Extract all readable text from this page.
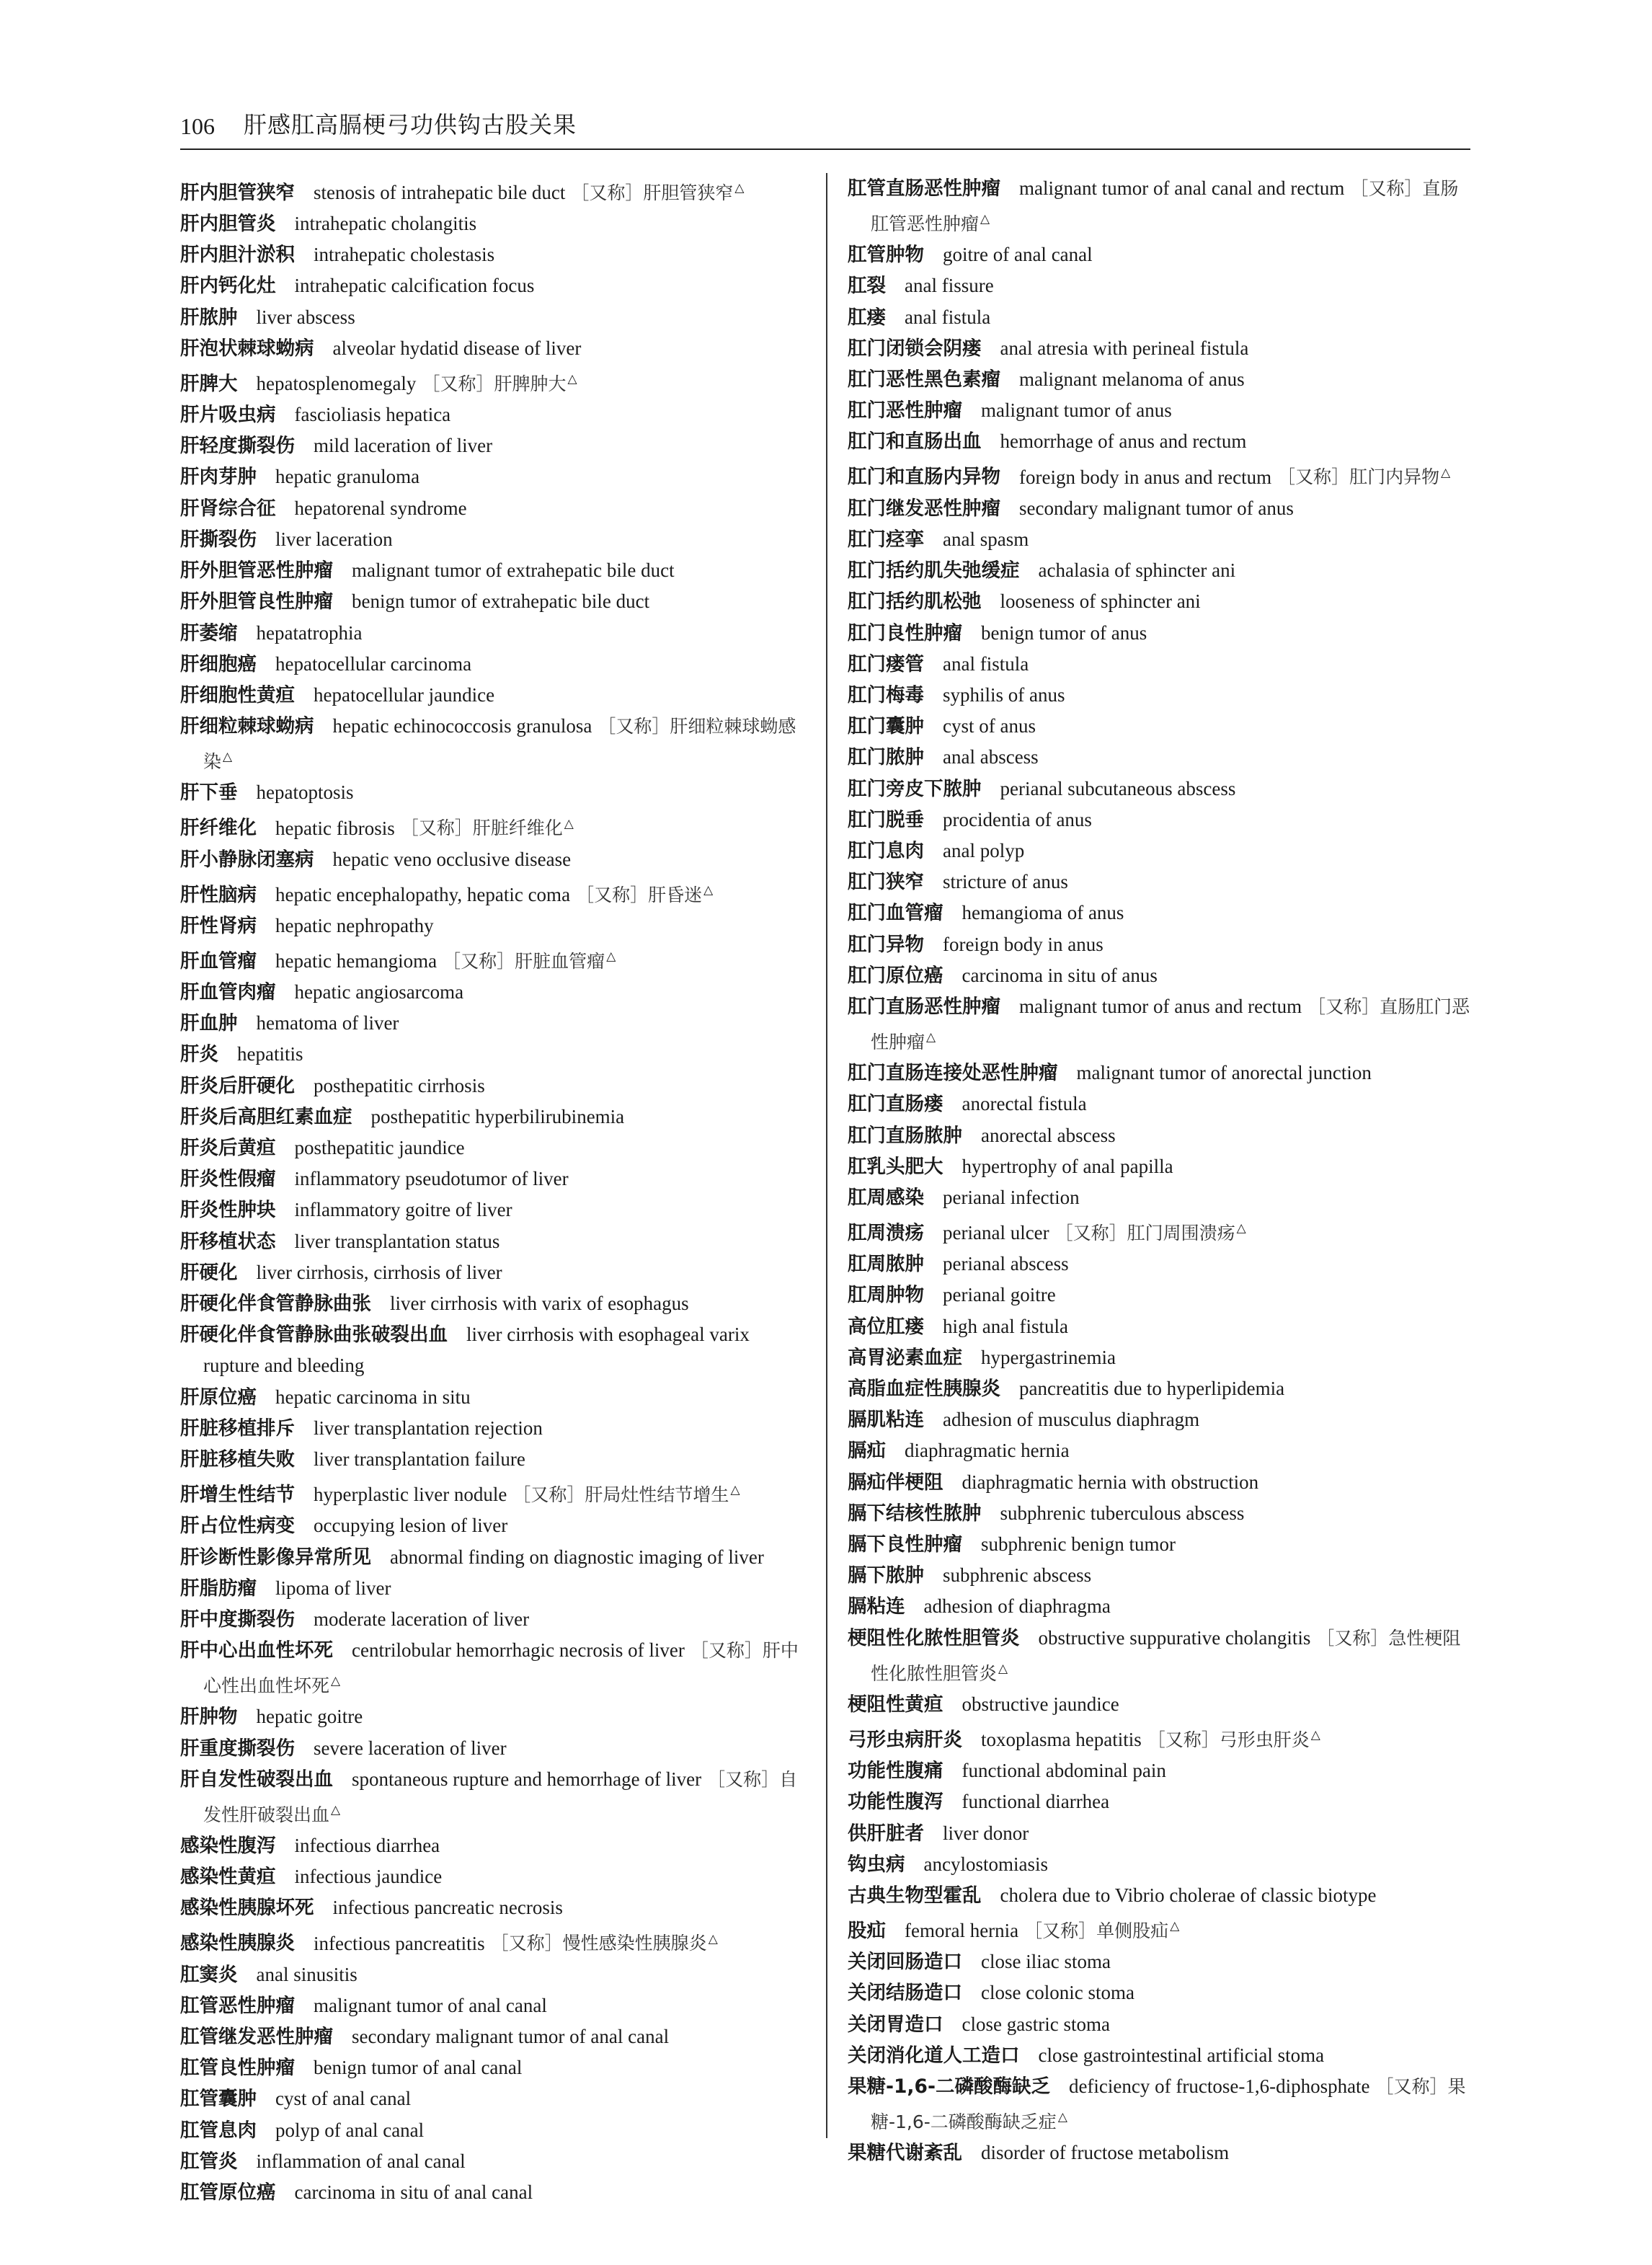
106 肝感肛高膈梗弓功供钩古股关果
肝内胆管狭窄 stenosis of intrahepatic bile duct ［又称］肝胆管狭窄 △
肝内胆管炎 intrahepatic cholangitis
肝内胆汁淤积 intrahepatic cholestasis
肝内钙化灶 intrahepatic calcification focus
肝脓肿 liver abscess
肝泡状棘球蚴病 alveolar hydatid disease of liver
肝脾大 hepatosplenomegaly ［又称］肝脾肿大 △
肝片吸虫病 fascioliasis hepatica
肝轻度撕裂伤 mild laceration of liver
肝肉芽肿 hepatic granuloma
肝肾综合征 hepatorenal syndrome
肝撕裂伤 liver laceration
肝外胆管恶性肿瘤 malignant tumor of extrahepatic bile duct
肝外胆管良性肿瘤 benign tumor of extrahepatic bile duct
肝萎缩 hepatatrophia
肝细胞癌 hepatocellular carcinoma
肝细胞性黄疸 hepatocellular jaundice
肝细粒棘球蚴病 hepatic echinococcosis granulosa ［又称］肝细粒棘球蚴感染 △
肝下垂 hepatoptosis
肝纤维化 hepatic fibrosis ［又称］肝脏纤维化 △
肝小静脉闭塞病 hepatic veno occlusive disease
肝性脑病 hepatic encephalopathy, hepatic coma ［又称］肝昏迷 △
肝性肾病 hepatic nephropathy
肝血管瘤 hepatic hemangioma ［又称］肝脏血管瘤 △
肝血管肉瘤 hepatic angiosarcoma
肝血肿 hematoma of liver
肝炎 hepatitis
肝炎后肝硬化 posthepatitic cirrhosis
肝炎后高胆红素血症 posthepatitic hyperbilirubinemia
肝炎后黄疸 posthepatitic jaundice
肝炎性假瘤 inflammatory pseudotumor of liver
肝炎性肿块 inflammatory goitre of liver
肝移植状态 liver transplantation status
肝硬化 liver cirrhosis, cirrhosis of liver
肝硬化伴食管静脉曲张 liver cirrhosis with varix of esophagus
肝硬化伴食管静脉曲张破裂出血 liver cirrhosis with esophageal varix rupture and bleeding
肝原位癌 hepatic carcinoma in situ
肝脏移植排斥 liver transplantation rejection
肝脏移植失败 liver transplantation failure
肝增生性结节 hyperplastic liver nodule ［又称］肝局灶性结节增生 △
肝占位性病变 occupying lesion of liver
肝诊断性影像异常所见 abnormal finding on diagnostic imaging of liver
肝脂肪瘤 lipoma of liver
肝中度撕裂伤 moderate laceration of liver
肝中心出血性坏死 centrilobular hemorrhagic necrosis of liver ［又称］肝中心性出血性坏死 △
肝肿物 hepatic goitre
肝重度撕裂伤 severe laceration of liver
肝自发性破裂出血 spontaneous rupture and hemorrhage of liver ［又称］自发性肝破裂出血 △
感染性腹泻 infectious diarrhea
感染性黄疸 infectious jaundice
感染性胰腺坏死 infectious pancreatic necrosis
感染性胰腺炎 infectious pancreatitis ［又称］慢性感染性胰腺炎 △
肛窦炎 anal sinusitis
肛管恶性肿瘤 malignant tumor of anal canal
肛管继发恶性肿瘤 secondary malignant tumor of anal canal
肛管良性肿瘤 benign tumor of anal canal
肛管囊肿 cyst of anal canal
肛管息肉 polyp of anal canal
肛管炎 inflammation of anal canal
肛管原位癌 carcinoma in situ of anal canal
肛管直肠恶性肿瘤 malignant tumor of anal canal and rectum ［又称］直肠肛管恶性肿瘤 △
肛管肿物 goitre of anal canal
肛裂 anal fissure
肛瘘 anal fistula
肛门闭锁会阴瘘 anal atresia with perineal fistula
肛门恶性黑色素瘤 malignant melanoma of anus
肛门恶性肿瘤 malignant tumor of anus
肛门和直肠出血 hemorrhage of anus and rectum
肛门和直肠内异物 foreign body in anus and rectum ［又称］肛门内异物 △
肛门继发恶性肿瘤 secondary malignant tumor of anus
肛门痉挛 anal spasm
肛门括约肌失弛缓症 achalasia of sphincter ani
肛门括约肌松弛 looseness of sphincter ani
肛门良性肿瘤 benign tumor of anus
肛门瘘管 anal fistula
肛门梅毒 syphilis of anus
肛门囊肿 cyst of anus
肛门脓肿 anal abscess
肛门旁皮下脓肿 perianal subcutaneous abscess
肛门脱垂 procidentia of anus
肛门息肉 anal polyp
肛门狭窄 stricture of anus
肛门血管瘤 hemangioma of anus
肛门异物 foreign body in anus
肛门原位癌 carcinoma in situ of anus
肛门直肠恶性肿瘤 malignant tumor of anus and rectum ［又称］直肠肛门恶性肿瘤 △
肛门直肠连接处恶性肿瘤 malignant tumor of anorectal junction
肛门直肠瘘 anorectal fistula
肛门直肠脓肿 anorectal abscess
肛乳头肥大 hypertrophy of anal papilla
肛周感染 perianal infection
肛周溃疡 perianal ulcer ［又称］肛门周围溃疡 △
肛周脓肿 perianal abscess
肛周肿物 perianal goitre
高位肛瘘 high anal fistula
高胃泌素血症 hypergastrinemia
高脂血症性胰腺炎 pancreatitis due to hyperlipidemia
膈肌粘连 adhesion of musculus diaphragm
膈疝 diaphragmatic hernia
膈疝伴梗阻 diaphragmatic hernia with obstruction
膈下结核性脓肿 subphrenic tuberculous abscess
膈下良性肿瘤 subphrenic benign tumor
膈下脓肿 subphrenic abscess
膈粘连 adhesion of diaphragma
梗阻性化脓性胆管炎 obstructive suppurative cholangitis ［又称］急性梗阻性化脓性胆管炎 △
梗阻性黄疸 obstructive jaundice
弓形虫病肝炎 toxoplasma hepatitis ［又称］弓形虫肝炎 △
功能性腹痛 functional abdominal pain
功能性腹泻 functional diarrhea
供肝脏者 liver donor
钩虫病 ancylostomiasis
古典生物型霍乱 cholera due to Vibrio cholerae of classic biotype
股疝 femoral hernia ［又称］单侧股疝 △
关闭回肠造口 close iliac stoma
关闭结肠造口 close colonic stoma
关闭胃造口 close gastric stoma
关闭消化道人工造口 close gastrointestinal artificial stoma
果糖-1,6-二磷酸酶缺乏 deficiency of fructose-1,6-diphosphate ［又称］果糖-1,6-二磷酸酶缺乏症 △
果糖代谢紊乱 disorder of fructose metabolism
